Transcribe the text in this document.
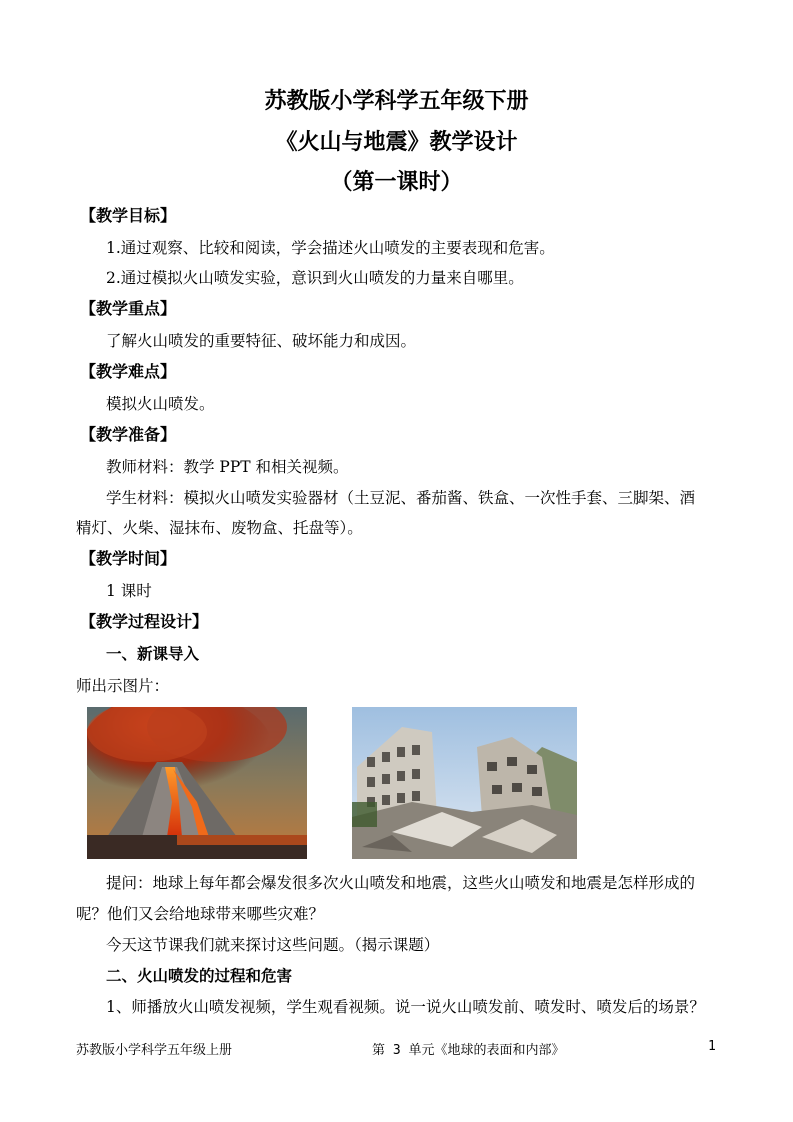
苏教版小学科学五年级下册
《火山与地震》教学设计
（第一课时）
【教学目标】
1.通过观察、比较和阅读，学会描述火山喷发的主要表现和危害。
2.通过模拟火山喷发实验，意识到火山喷发的力量来自哪里。
【教学重点】
了解火山喷发的重要特征、破坏能力和成因。
【教学难点】
模拟火山喷发。
【教学准备】
教师材料：教学 PPT 和相关视频。
学生材料：模拟火山喷发实验器材（土豆泥、番茄酱、铁盒、一次性手套、三脚架、酒
精灯、火柴、湿抹布、废物盒、托盘等）。
【教学时间】
1 课时
【教学过程设计】
一、新课导入
师出示图片：
提问：地球上每年都会爆发很多次火山喷发和地震，这些火山喷发和地震是怎样形成的
呢？他们又会给地球带来哪些灾难？
今天这节课我们就来探讨这些问题。（揭示课题）
二、火山喷发的过程和危害
1、师播放火山喷发视频，学生观看视频。说一说火山喷发前、喷发时、喷发后的场景？
苏教版小学科学五年级上册	第 3 单元《地球的表面和内部》	1
